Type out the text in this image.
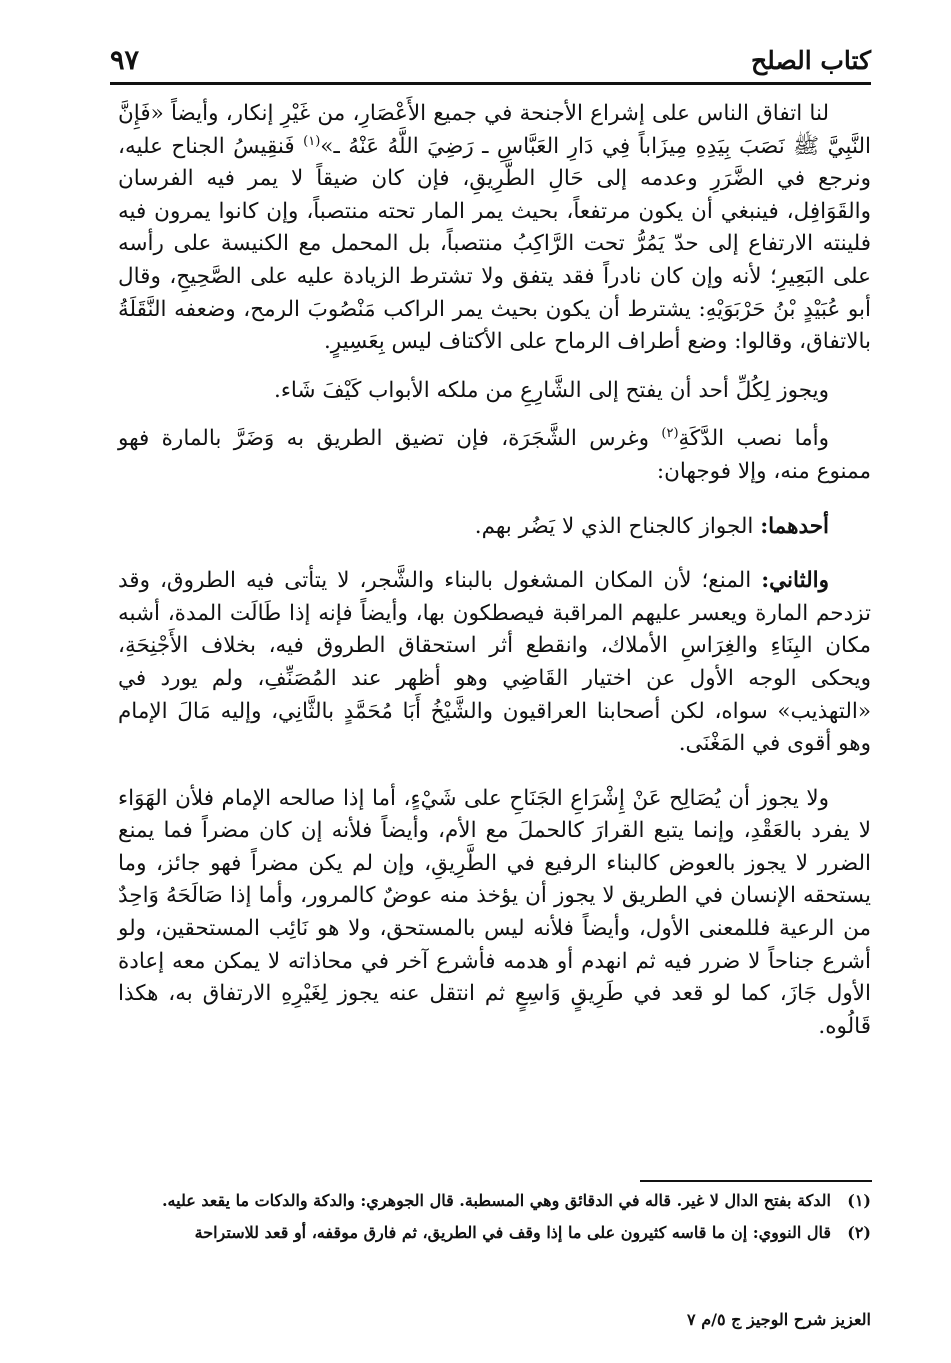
كتاب الصلح
٩٧

لنا اتفاق الناس على إشراع الأجنحة في جميع الأَعْصَارِ، من غَيْرِ إنكار، وأيضاً «فَإِنَّ النَّبِيَّ ﷺ نَصَبَ بِيَدِهِ مِيزَاباً فِي دَارِ العَبَّاسِ ـ رَضِيَ اللَّهُ عَنْهُ ـ»$^{(١)}$ فَنقِيسُ الجناح عليه، ونرجع في الضَّرَرِ وعدمه إلى حَالِ الطَّرِيقِ، فإن كان ضيقاً لا يمر فيه الفرسان والقَوَافِل، فينبغي أن يكون مرتفعاً، بحيث يمر المار تحته منتصباً، وإن كانوا يمرون فيه فلينته الارتفاع إلى حدّ يَمُرُّ تحت الرَّاكِبُ منتصباً، بل المحمل مع الكنيسة على رأسه على البَعِيرِ؛ لأنه وإن كان نادراً فقد يتفق ولا تشترط الزيادة عليه على الصَّحِيحِ، وقال أبو عُبَيْدٍ بْنُ حَرْبَوَيْهِ: يشترط أن يكون بحيث يمر الراكب مَنْصُوبَ الرمح، وضعفه النَّقَلَةُ بالاتفاق، وقالوا: وضع أطراف الرماح على الأكتاف ليس بِعَسِيرٍ.

ويجوز لِكُلِّ أحد أن يفتح إلى الشَّارِعِ من ملكه الأبواب كَيْفَ شَاء.

وأما نصب الدَّكَةِ$^{(٢)}$ وغرس الشَّجَرَة، فإن تضيق الطريق به وَضَرَّ بالمارة فهو ممنوع منه، وإلا فوجهان:

أحدهما: الجواز كالجناح الذي لا يَضُر بهم.

والثاني: المنع؛ لأن المكان المشغول بالبناء والشَّجر، لا يتأتى فيه الطروق، وقد تزدحم المارة ويعسر عليهم المراقبة فيصطكون بها، وأيضاً فإنه إذا طَالَت المدة، أشبه مكان البِنَاءِ والغِرَاسِ الأملاك، وانقطع أثر استحقاق الطروق فيه، بخلاف الأَجْنِحَةِ، ويحكى الوجه الأول عن اختيار القَاضِي وهو أظهر عند المُصَنِّفِ، ولم يورد في «التهذيب» سواه، لكن أصحابنا العراقيون والشَّيْخُ أَبَا مُحَمَّدٍ بالثَّانِي، وإليه مَالَ الإمام وهو أقوى في المَغْنَى.

ولا يجوز أن يُصَالِح عَنْ إِشْرَاعِ الجَنَاحِ على شَيْءٍ، أما إذا صالحه الإمام فلأن الهَوَاء لا يفرد بالعَقْدِ، وإنما يتبع القرارَ كالحملَ مع الأم، وأيضاً فلأنه إن كان مضراً فما يمنع الضرر لا يجوز بالعوض كالبناء الرفيع في الطَّرِيقِ، وإن لم يكن مضراً فهو جائز، وما يستحقه الإنسان في الطريق لا يجوز أن يؤخذ منه عوضٌ كالمرور، وأما إذا صَالَحَهُ وَاحِدٌ من الرعية فللمعنى الأول، وأيضاً فلأنه ليس بالمستحق، ولا هو نَائِب المستحقين، ولو أشرع جناحاً لا ضرر فيه ثم انهدم أو هدمه فأشرع آخر في محاذاته لا يمكن معه إعادة الأول جَازَ، كما لو قعد في طَرِيقٍ وَاسِعٍ ثم انتقل عنه يجوز لِغَيْرِهِ الارتفاق به، هكذا قَالُوه.

(١)
الدكة بفتح الدال لا غير. قاله في الدقائق وهي المسطبة. قال الجوهري: والدكة والدكات ما يقعد عليه.
(٢)
قال النووي: إن ما قاسه كثيرون على ما إذا وقف في الطريق، ثم فارق موقفه، أو قعد للاستراحة
العزيز شرح الوجيز ج ٥/م ٧
